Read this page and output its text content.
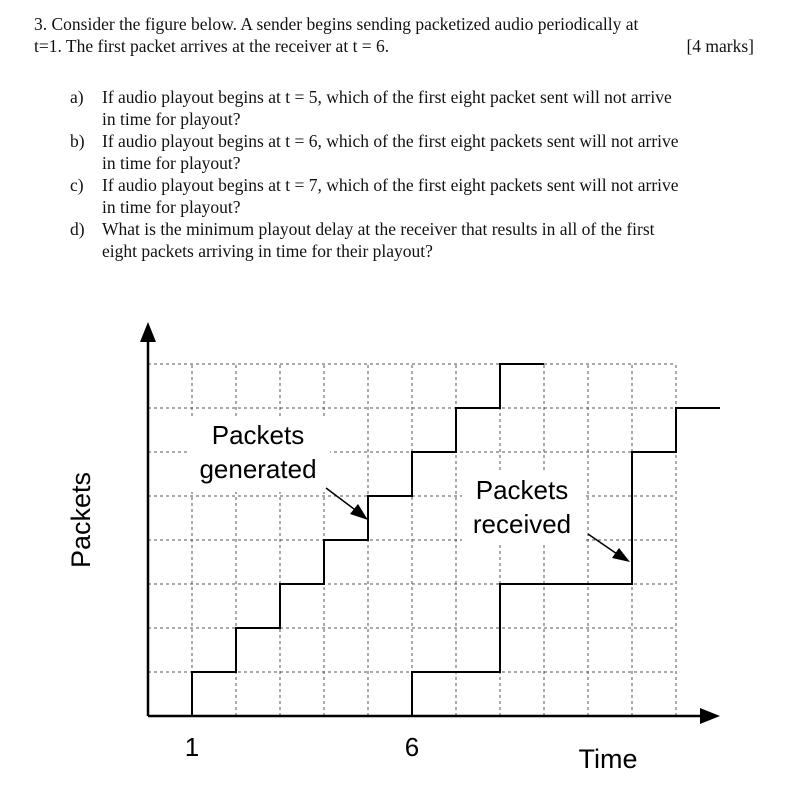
3. Consider the figure below. A sender begins sending packetized audio periodically at
t=1. The first packet arrives at the receiver at t = 6.	[4 marks]
a)	If audio playout begins at t = 5, which of the first eight packet sent will not arrive
in time for playout?
b) If audio playout begins at t = 6, which of the first eight packets sent will not arrive
in time for playout?
c)	If audio playout begins at t = 7, which of the first eight packets sent will not arrive
in time for playout?
d) What is the minimum playout delay at the receiver that results in all of the first
eight packets arriving in time for their playout?
1	6
Packets
Time
Packets
generated
Packets
received
